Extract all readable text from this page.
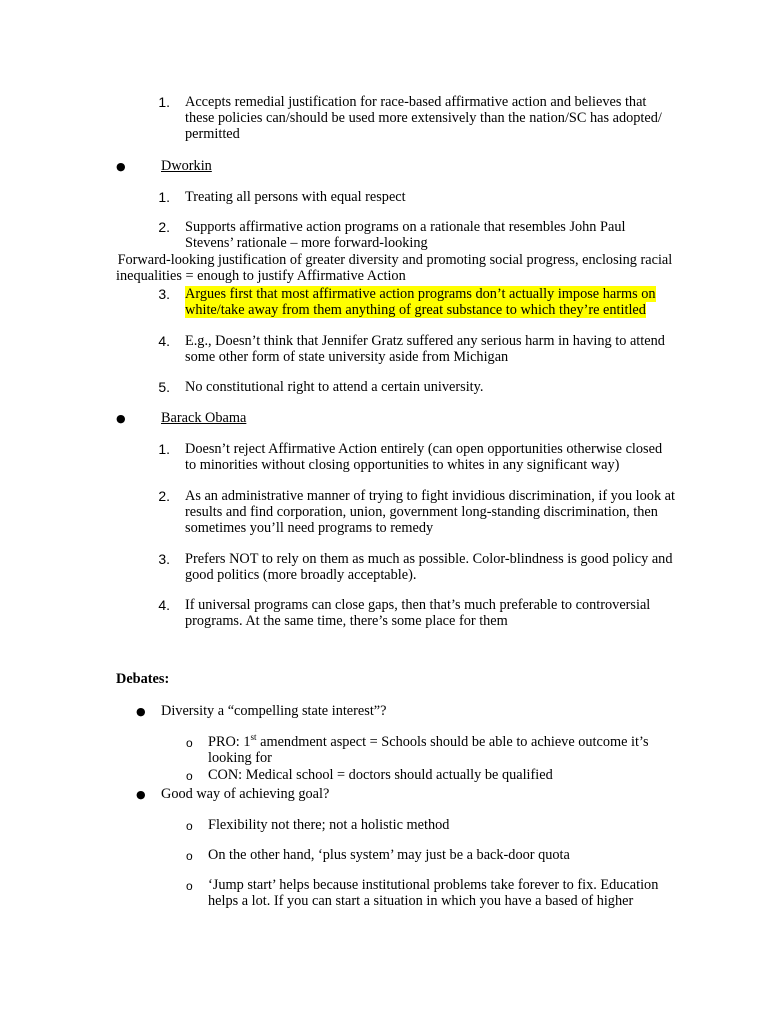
1. Accepts remedial justification for race-based affirmative action and believes that
these policies can/should be used more extensively than the nation/SC has adopted/
permitted
● Dworkin
1. Treating all persons with equal respect
2. Supports affirmative action programs on a rationale that resembles John Paul
Stevens’ rationale – more forward-looking
Forward-looking justification of greater diversity and promoting social progress, enclosing racial
inequalities = enough to justify Affirmative Action
3. Argues first that most affirmative action programs don’t actually impose harms on
white/take away from them anything of great substance to which they’re entitled
4. E.g., Doesn’t think that Jennifer Gratz suffered any serious harm in having to attend
some other form of state university aside from Michigan
5. No constitutional right to attend a certain university.
● Barack Obama
1. Doesn’t reject Affirmative Action entirely (can open opportunities otherwise closed
to minorities without closing opportunities to whites in any significant way)
2. As an administrative manner of trying to fight invidious discrimination, if you look at
results and find corporation, union, government long-standing discrimination, then
sometimes you’ll need programs to remedy
3. Prefers NOT to rely on them as much as possible. Color-blindness is good policy and
good politics (more broadly acceptable).
4. If universal programs can close gaps, then that’s much preferable to controversial
programs. At the same time, there’s some place for them
Debates:
● Diversity a “compelling state interest”?
o PRO: 1st amendment aspect = Schools should be able to achieve outcome it’s
looking for
o CON: Medical school = doctors should actually be qualified
● Good way of achieving goal?
o Flexibility not there; not a holistic method
o On the other hand, ‘plus system’ may just be a back-door quota
o ‘Jump start’ helps because institutional problems take forever to fix. Education
helps a lot. If you can start a situation in which you have a based of higher
